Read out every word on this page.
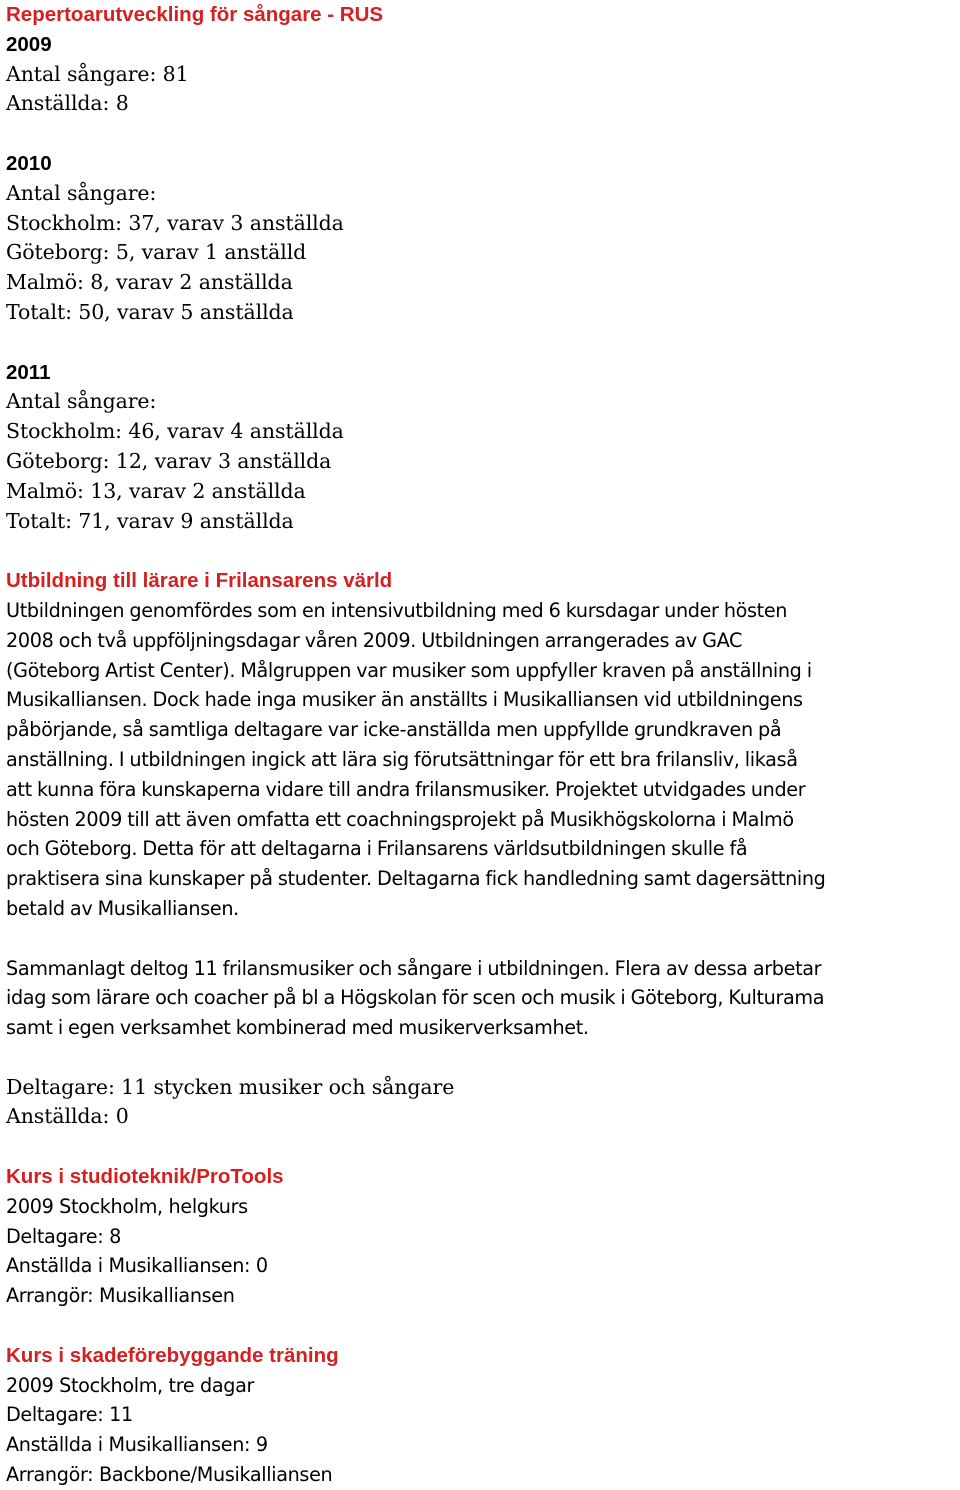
Repertoarutveckling för sångare - RUS
2009
Antal sångare: 81
Anställda: 8
2010
Antal sångare:
Stockholm: 37, varav 3 anställda
Göteborg: 5, varav 1 anställd
Malmö: 8, varav 2 anställda
Totalt: 50, varav 5 anställda
2011
Antal sångare:
Stockholm: 46, varav 4 anställda
Göteborg: 12, varav 3 anställda
Malmö: 13, varav 2 anställda
Totalt: 71, varav 9 anställda
Utbildning till lärare i Frilansarens värld
Utbildningen genomfördes som en intensivutbildning med 6 kursdagar under hösten
2008 och två uppföljningsdagar våren 2009. Utbildningen arrangerades av GAC
(Göteborg Artist Center). Målgruppen var musiker som uppfyller kraven på anställning i
Musikalliansen. Dock hade inga musiker än anställts i Musikalliansen vid utbildningens
påbörjande, så samtliga deltagare var icke-anställda men uppfyllde grundkraven på
anställning. I utbildningen ingick att lära sig förutsättningar för ett bra frilansliv, likaså
att kunna föra kunskaperna vidare till andra frilansmusiker. Projektet utvidgades under
hösten 2009 till att även omfatta ett coachningsprojekt på Musikhögskolorna i Malmö
och Göteborg. Detta för att deltagarna i Frilansarens världsutbildningen skulle få
praktisera sina kunskaper på studenter. Deltagarna fick handledning samt dagersättning
betald av Musikalliansen.
Sammanlagt deltog 11 frilansmusiker och sångare i utbildningen. Flera av dessa arbetar
idag som lärare och coacher på bl a Högskolan för scen och musik i Göteborg, Kulturama
samt i egen verksamhet kombinerad med musikerverksamhet.
Deltagare: 11 stycken musiker och sångare
Anställda: 0
Kurs i studioteknik/ProTools
2009 Stockholm, helgkurs
Deltagare: 8
Anställda i Musikalliansen: 0
Arrangör: Musikalliansen
Kurs i skadeförebyggande träning
2009 Stockholm, tre dagar
Deltagare: 11
Anställda i Musikalliansen: 9
Arrangör: Backbone/Musikalliansen
